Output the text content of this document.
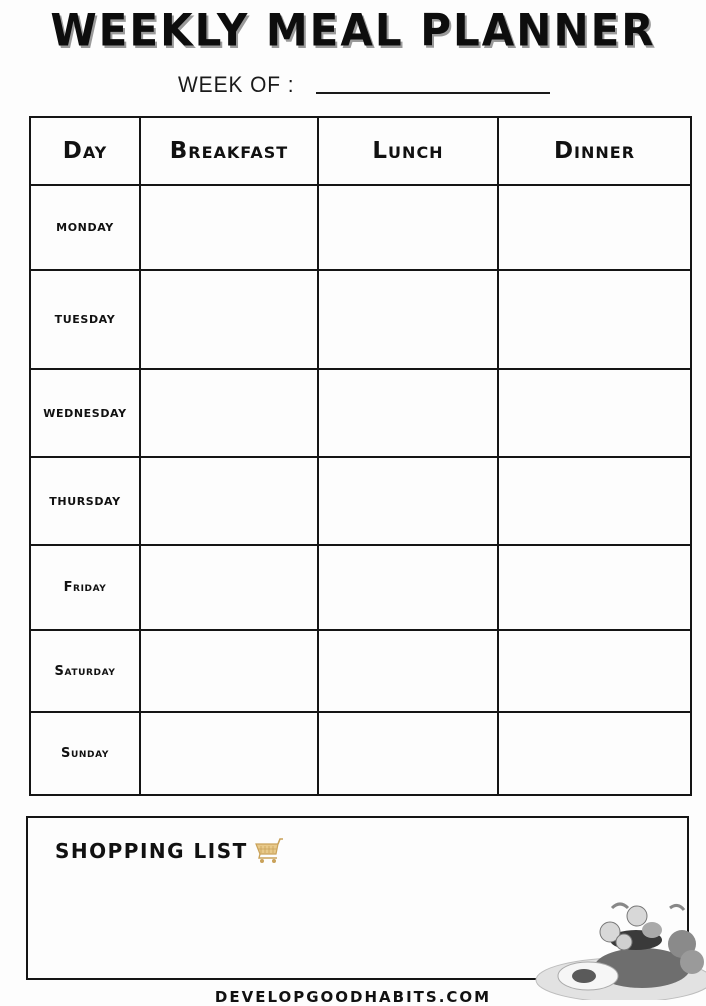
WEEKLY MEAL PLANNER
WEEK OF :
Day	Breakfast	Lunch	Dinner
MONDAY			
TUESDAY			
WEDNESDAY			
THURSDAY			
Friday			
Saturday			
Sunday			
SHOPPING LIST
DEVELOPGOODHABITS.COM
